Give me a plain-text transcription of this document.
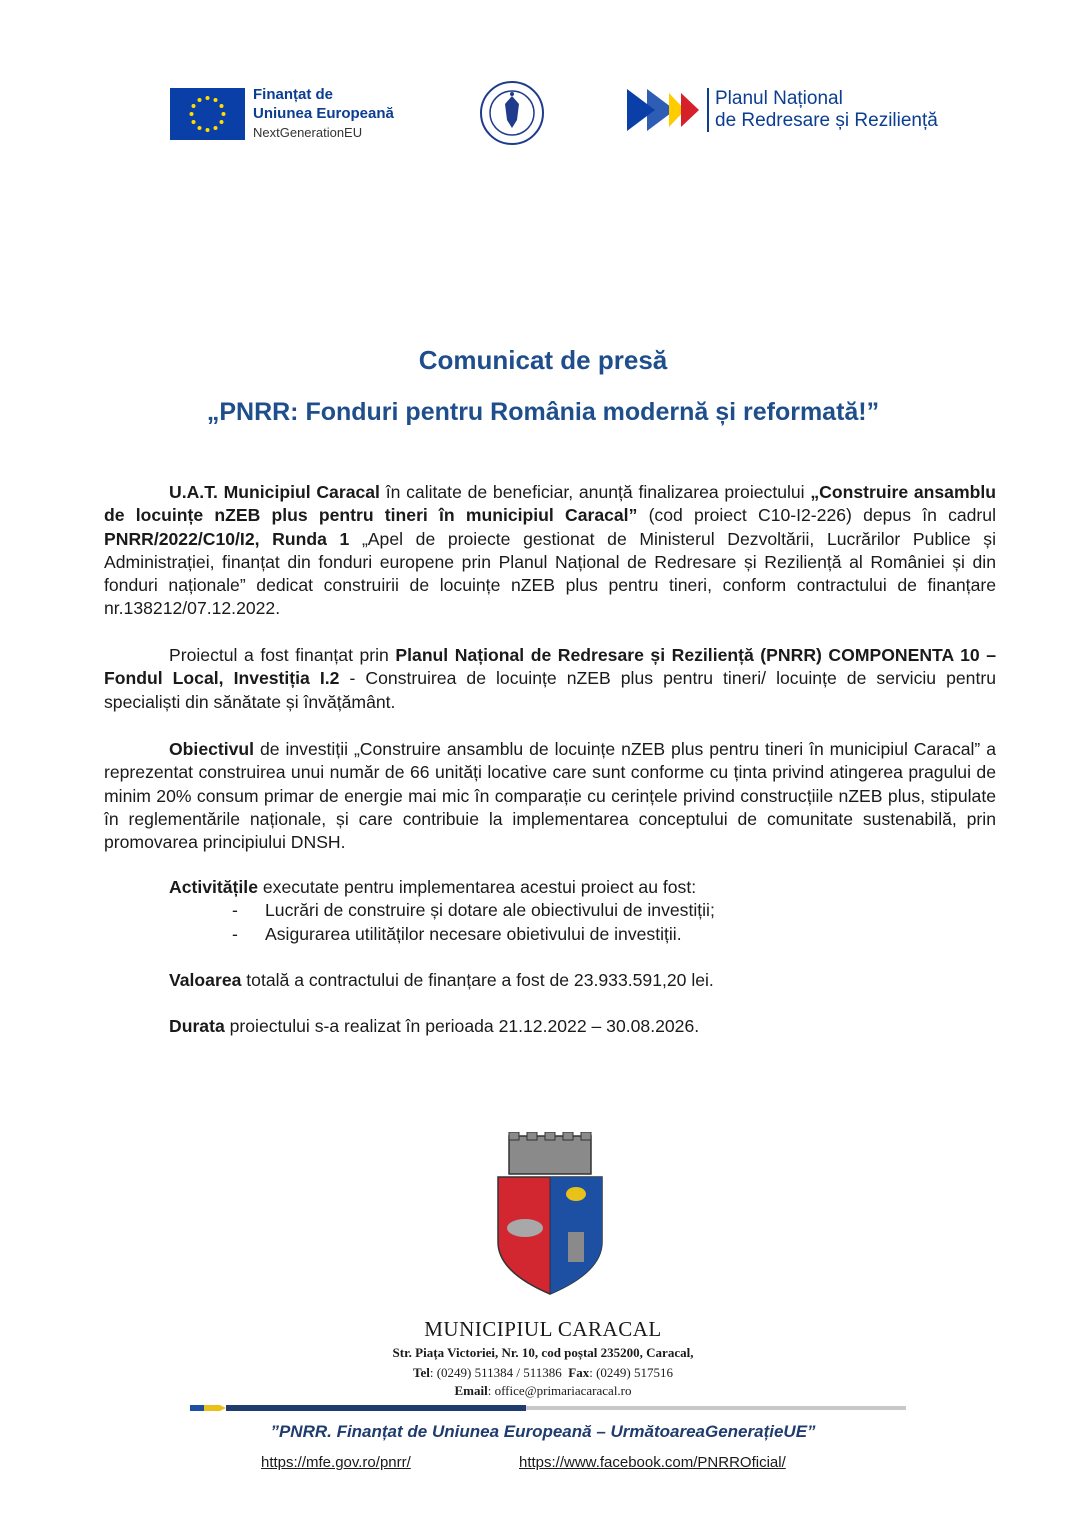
Finanțat de
Uniunea Europeană
NextGenerationEU
Planul Național
de Redresare și Reziliență
Comunicat de presă
„PNRR: Fonduri pentru România modernă și reformată!”

U.A.T. Municipiul Caracal în calitate de beneficiar, anunță finalizarea proiectului „Construire ansamblu de locuințe nZEB plus pentru tineri în municipiul Caracal” (cod proiect C10-I2-226) depus în cadrul PNRR/2022/C10/I2, Runda 1 „Apel de proiecte gestionat de Ministerul Dezvoltării, Lucrărilor Publice și Administrației, finanțat din fonduri europene prin Planul Național de Redresare și Reziliență al României și din fonduri naționale” dedicat construirii de locuințe nZEB plus pentru tineri, conform contractului de finanțare nr.138212/07.12.2022.

Proiectul a fost finanțat prin Planul Național de Redresare și Reziliență (PNRR) COMPONENTA 10 – Fondul Local, Investiția I.2 - Construirea de locuințe nZEB plus pentru tineri/ locuințe de serviciu pentru specialiști din sănătate și învățământ.

Obiectivul de investiții „Construire ansamblu de locuințe nZEB plus pentru tineri în municipiul Caracal” a reprezentat construirea unui număr de 66 unități locative care sunt conforme cu ținta privind atingerea pragului de minim 20% consum primar de energie mai mic în comparație cu cerințele privind construcțiile nZEB plus, stipulate în reglementările naționale, și care contribuie la implementarea conceptului de comunitate sustenabilă, prin promovarea principiului DNSH.

Activitățile executate pentru implementarea acestui proiect au fost:

- Lucrări de construire și dotare ale obiectivului de investiții;

- Asigurarea utilităților necesare obietivului de investiții.

Valoarea totală a contractului de finanțare a fost de 23.933.591,20 lei.

Durata proiectului s-a realizat în perioada 21.12.2022 – 30.08.2026.

MUNICIPIUL CARACAL
Str. Piața Victoriei, Nr. 10, cod poștal 235200, Caracal,
Tel: (0249) 511384 / 511386 Fax: (0249) 517516
Email: office@primariacaracal.ro
”PNRR. Finanțat de Uniunea Europeană – UrmătoareaGenerațieUE”
https://mfe.gov.ro/pnrr/	https://www.facebook.com/PNRROficial/
